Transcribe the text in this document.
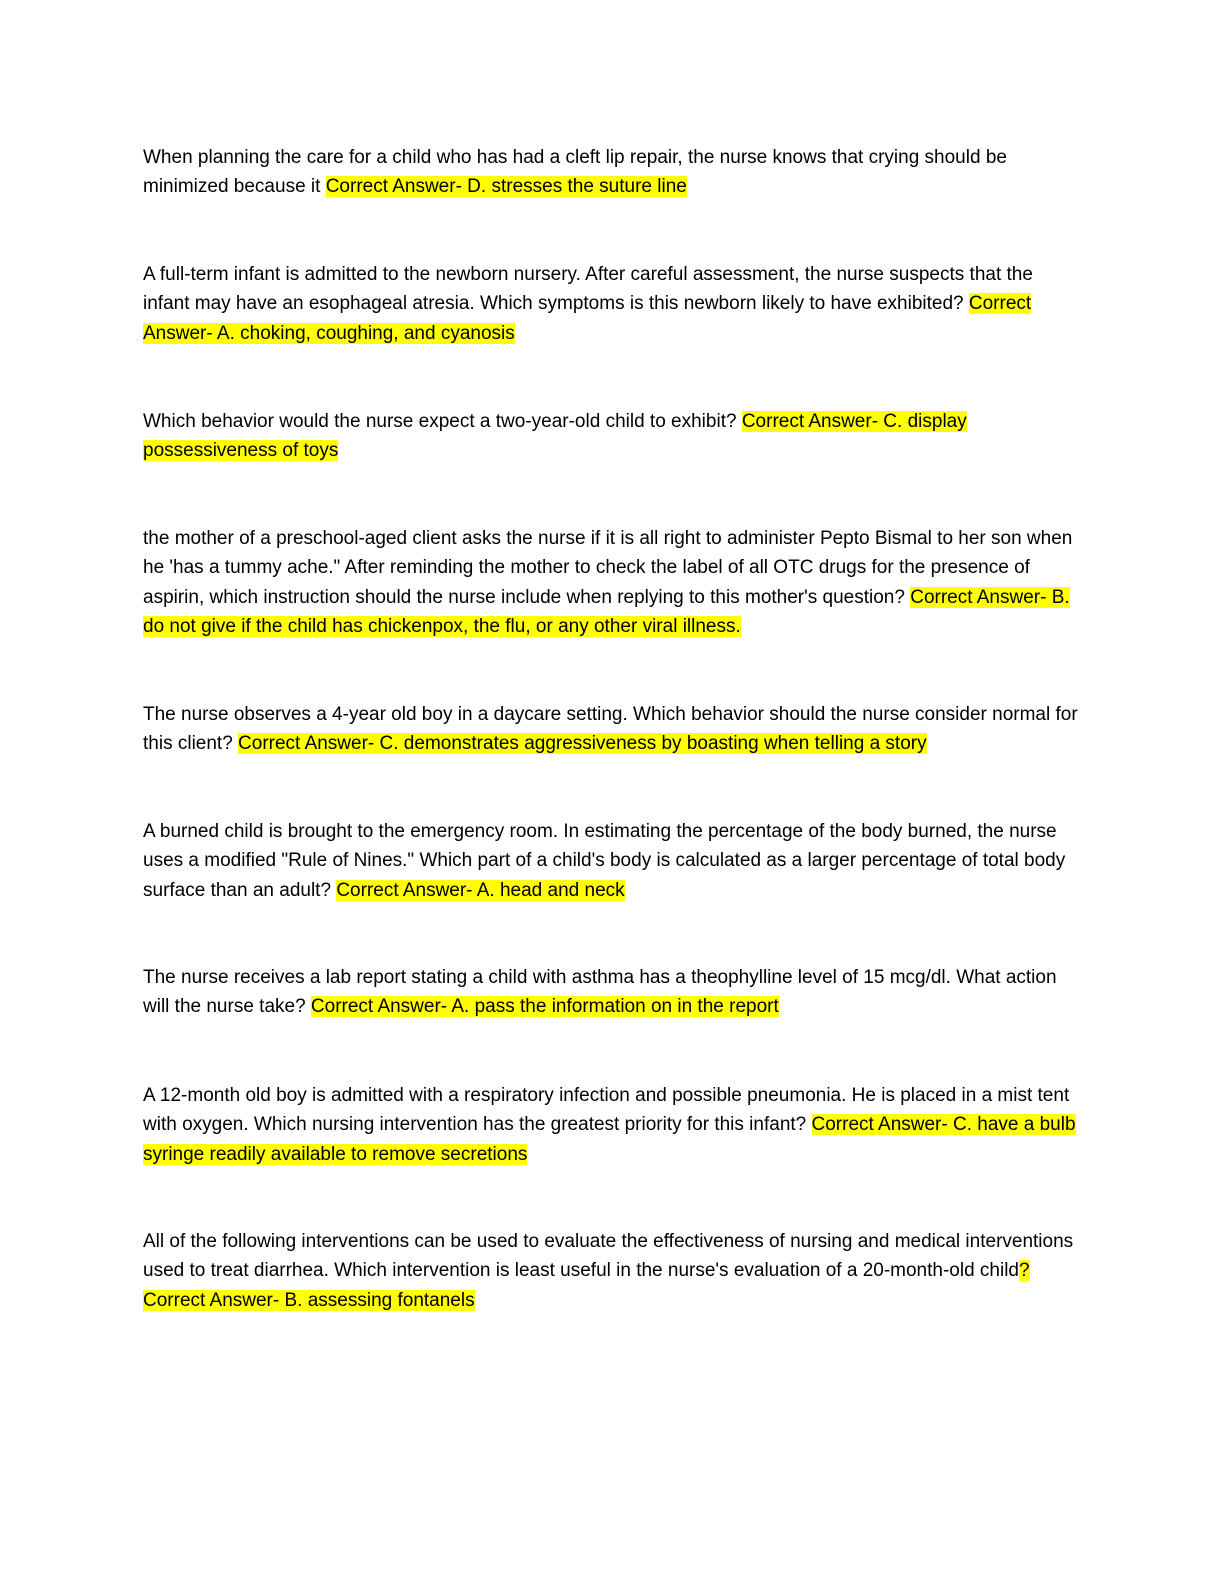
When planning the care for a child who has had a cleft lip repair, the nurse knows that crying should be minimized because it Correct Answer- D. stresses the suture line

A full-term infant is admitted to the newborn nursery. After careful assessment, the nurse suspects that the infant may have an esophageal atresia. Which symptoms is this newborn likely to have exhibited? Correct Answer- A. choking, coughing, and cyanosis

Which behavior would the nurse expect a two-year-old child to exhibit? Correct Answer- C. display possessiveness of toys

the mother of a preschool-aged client asks the nurse if it is all right to administer Pepto Bismal to her son when he 'has a tummy ache." After reminding the mother to check the label of all OTC drugs for the presence of aspirin, which instruction should the nurse include when replying to this mother's question? Correct Answer- B. do not give if the child has chickenpox, the flu, or any other viral illness.

The nurse observes a 4-year old boy in a daycare setting. Which behavior should the nurse consider normal for this client? Correct Answer- C. demonstrates aggressiveness by boasting when telling a story

A burned child is brought to the emergency room. In estimating the percentage of the body burned, the nurse uses a modified "Rule of Nines." Which part of a child's body is calculated as a larger percentage of total body surface than an adult? Correct Answer- A. head and neck

The nurse receives a lab report stating a child with asthma has a theophylline level of 15 mcg/dl. What action will the nurse take? Correct Answer- A. pass the information on in the report

A 12-month old boy is admitted with a respiratory infection and possible pneumonia. He is placed in a mist tent with oxygen. Which nursing intervention has the greatest priority for this infant? Correct Answer- C. have a bulb syringe readily available to remove secretions

All of the following interventions can be used to evaluate the effectiveness of nursing and medical interventions used to treat diarrhea. Which intervention is least useful in the nurse's evaluation of a 20-month-old child? Correct Answer- B. assessing fontanels
